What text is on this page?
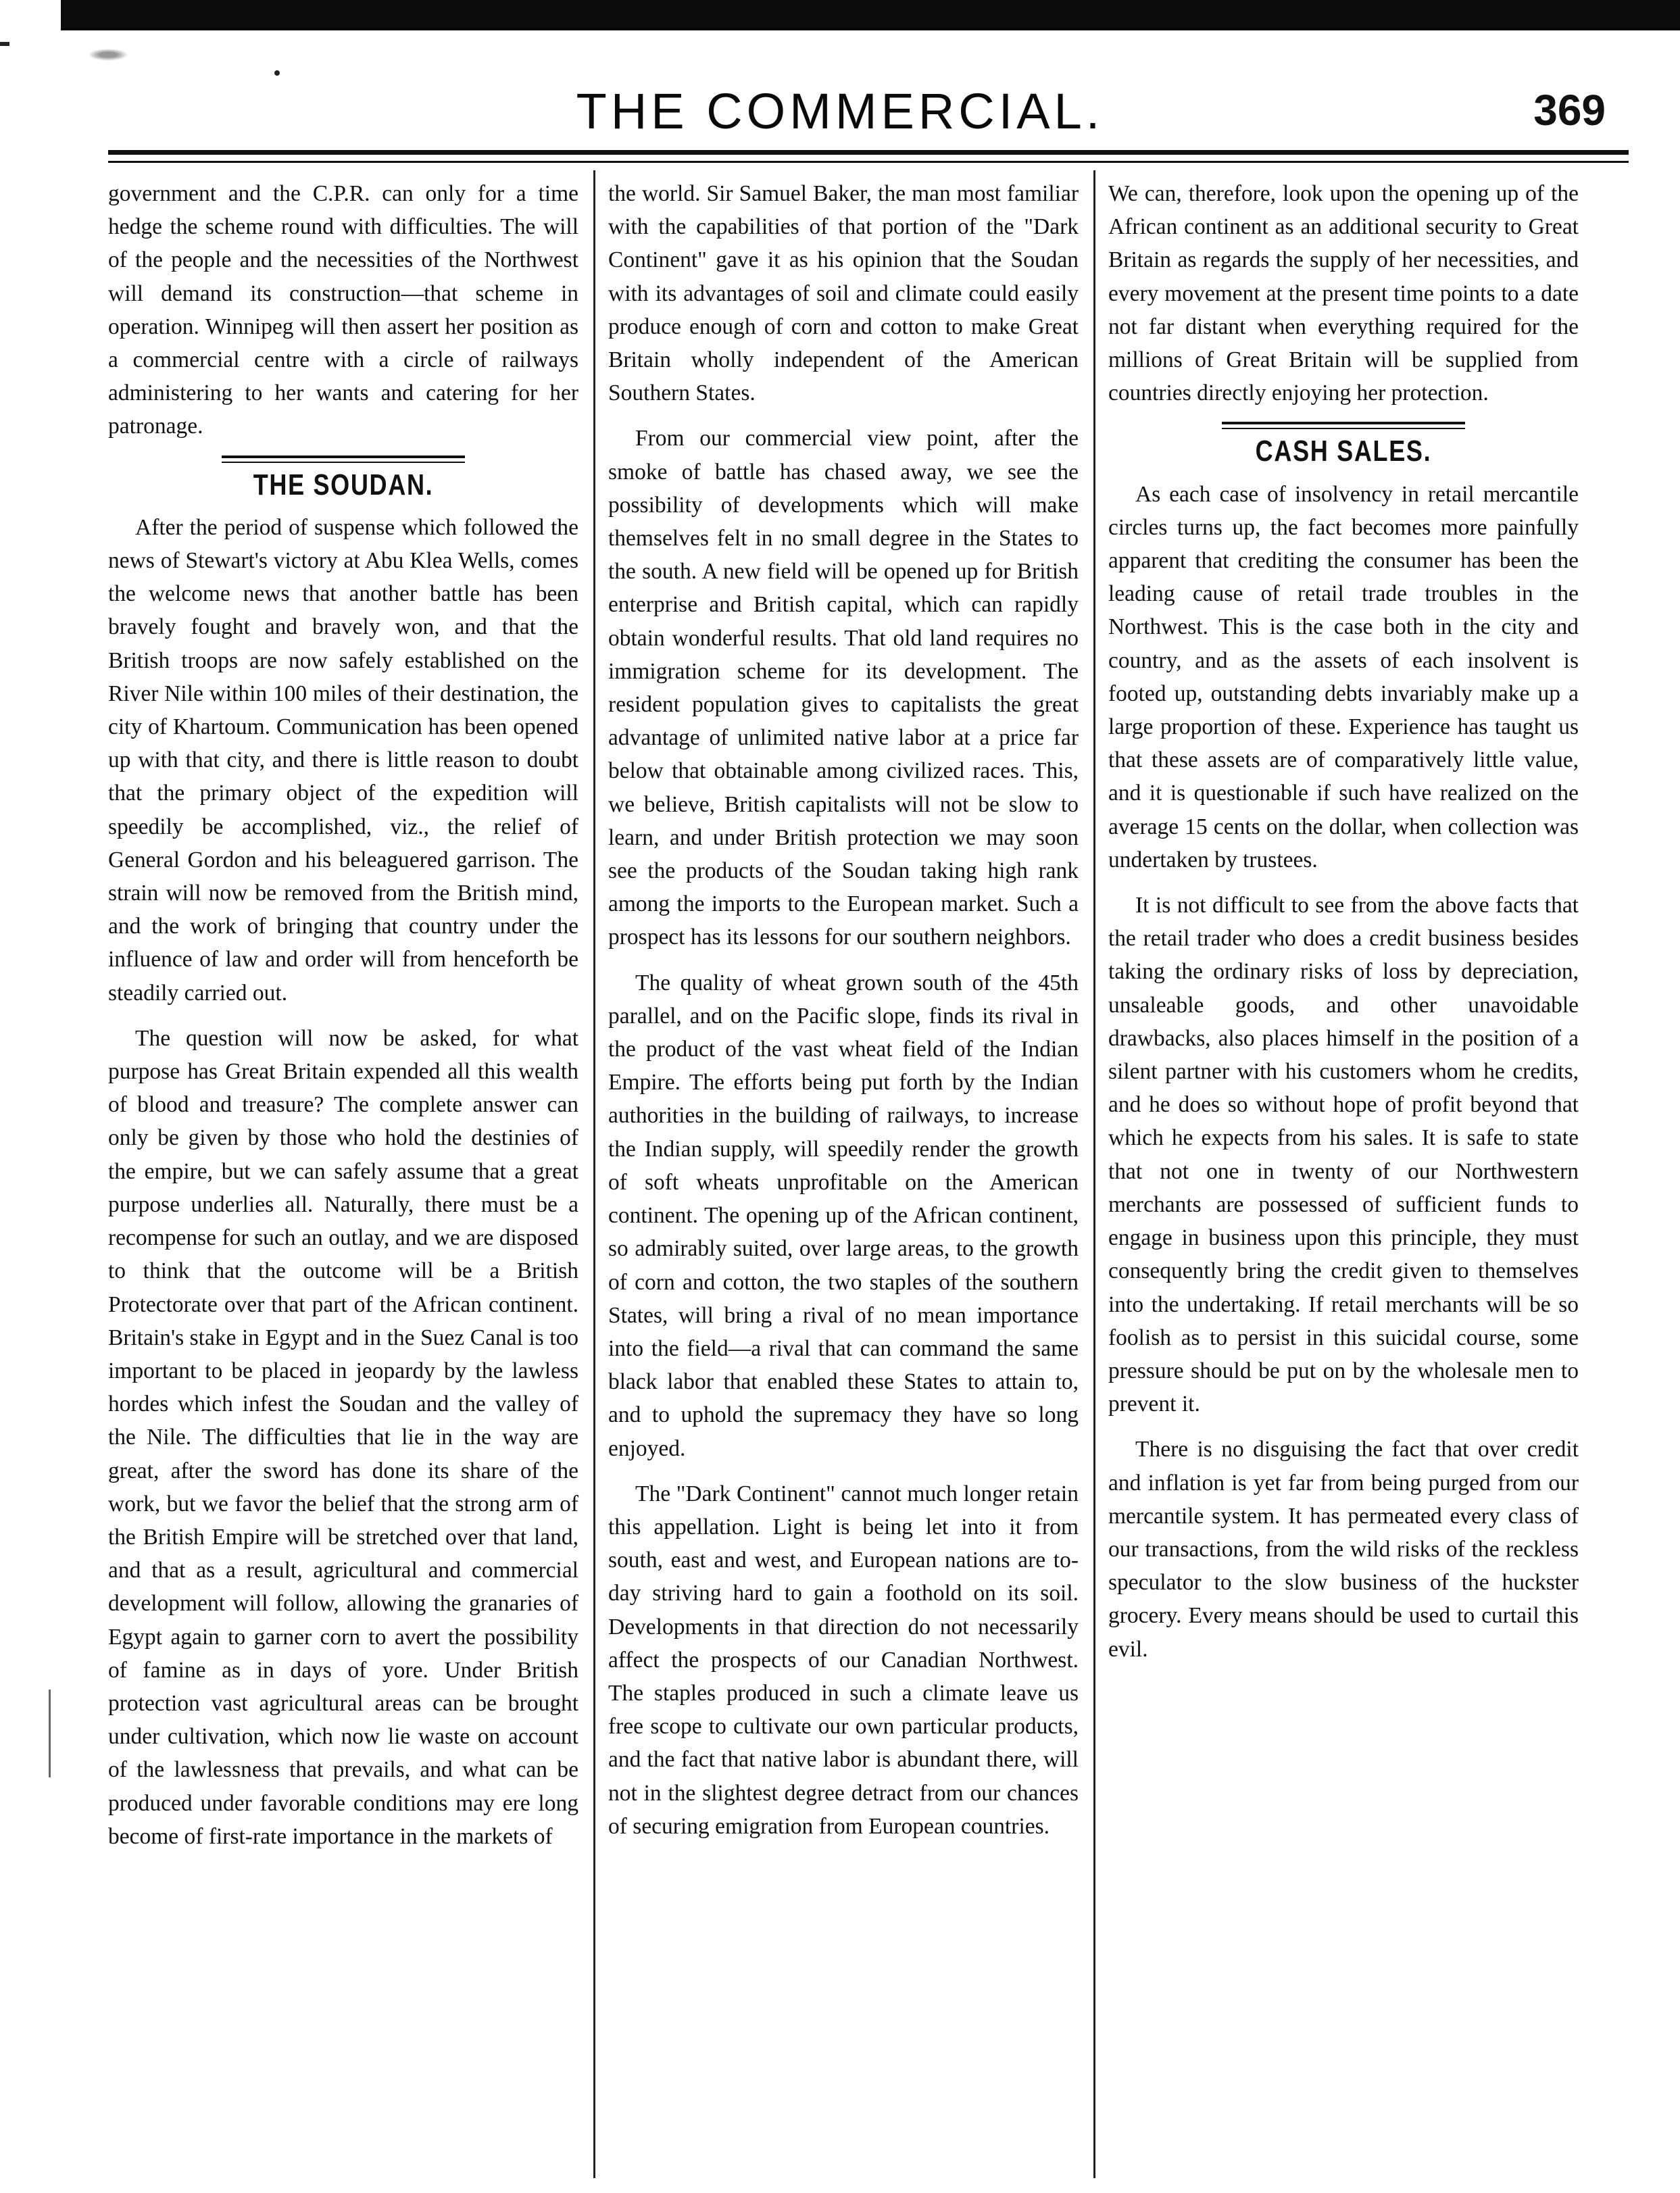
THE COMMERCIAL.	369

government and the C.P.R. can only for a time hedge the scheme round with difficulties. The will of the people and the necessities of the Northwest will demand its construction—that scheme in operation. Winnipeg will then assert her position as a commercial centre with a circle of railways administering to her wants and catering for her patronage.

THE SOUDAN.

After the period of suspense which followed the news of Stewart's victory at Abu Klea Wells, comes the welcome news that another battle has been bravely fought and bravely won, and that the British troops are now safely established on the River Nile within 100 miles of their destination, the city of Khartoum. Communication has been opened up with that city, and there is little reason to doubt that the primary object of the expedition will speedily be accomplished, viz., the relief of General Gordon and his beleaguered garrison. The strain will now be removed from the British mind, and the work of bringing that country under the influence of law and order will from henceforth be steadily carried out.

The question will now be asked, for what purpose has Great Britain expended all this wealth of blood and treasure? The complete answer can only be given by those who hold the destinies of the empire, but we can safely assume that a great purpose underlies all. Naturally, there must be a recompense for such an outlay, and we are disposed to think that the outcome will be a British Protectorate over that part of the African continent. Britain's stake in Egypt and in the Suez Canal is too important to be placed in jeopardy by the lawless hordes which infest the Soudan and the valley of the Nile. The difficulties that lie in the way are great, after the sword has done its share of the work, but we favor the belief that the strong arm of the British Empire will be stretched over that land, and that as a result, agricultural and commercial development will follow, allowing the granaries of Egypt again to garner corn to avert the possibility of famine as in days of yore. Under British protection vast agricultural areas can be brought under cultivation, which now lie waste on account of the lawlessness that prevails, and what can be produced under favorable conditions may ere long become of first-rate importance in the markets of

the world. Sir Samuel Baker, the man most familiar with the capabilities of that portion of the "Dark Continent" gave it as his opinion that the Soudan with its advantages of soil and climate could easily produce enough of corn and cotton to make Great Britain wholly independent of the American Southern States.

From our commercial view point, after the smoke of battle has chased away, we see the possibility of developments which will make themselves felt in no small degree in the States to the south. A new field will be opened up for British enterprise and British capital, which can rapidly obtain wonderful results. That old land requires no immigration scheme for its development. The resident population gives to capitalists the great advantage of unlimited native labor at a price far below that obtainable among civilized races. This, we believe, British capitalists will not be slow to learn, and under British protection we may soon see the products of the Soudan taking high rank among the imports to the European market. Such a prospect has its lessons for our southern neighbors.

The quality of wheat grown south of the 45th parallel, and on the Pacific slope, finds its rival in the product of the vast wheat field of the Indian Empire. The efforts being put forth by the Indian authorities in the building of railways, to increase the Indian supply, will speedily render the growth of soft wheats unprofitable on the American continent. The opening up of the African continent, so admirably suited, over large areas, to the growth of corn and cotton, the two staples of the southern States, will bring a rival of no mean importance into the field—a rival that can command the same black labor that enabled these States to attain to, and to uphold the supremacy they have so long enjoyed.

The "Dark Continent" cannot much longer retain this appellation. Light is being let into it from south, east and west, and European nations are to-day striving hard to gain a foothold on its soil. Developments in that direction do not necessarily affect the prospects of our Canadian Northwest. The staples produced in such a climate leave us free scope to cultivate our own particular products, and the fact that native labor is abundant there, will not in the slightest degree detract from our chances of securing emigration from European countries.

We can, therefore, look upon the opening up of the African continent as an additional security to Great Britain as regards the supply of her necessities, and every movement at the present time points to a date not far distant when everything required for the millions of Great Britain will be supplied from countries directly enjoying her protection.

CASH SALES.

As each case of insolvency in retail mercantile circles turns up, the fact becomes more painfully apparent that crediting the consumer has been the leading cause of retail trade troubles in the Northwest. This is the case both in the city and country, and as the assets of each insolvent is footed up, outstanding debts invariably make up a large proportion of these. Experience has taught us that these assets are of comparatively little value, and it is questionable if such have realized on the average 15 cents on the dollar, when collection was undertaken by trustees.

It is not difficult to see from the above facts that the retail trader who does a credit business besides taking the ordinary risks of loss by depreciation, unsaleable goods, and other unavoidable drawbacks, also places himself in the position of a silent partner with his customers whom he credits, and he does so without hope of profit beyond that which he expects from his sales. It is safe to state that not one in twenty of our Northwestern merchants are possessed of sufficient funds to engage in business upon this principle, they must consequently bring the credit given to themselves into the undertaking. If retail merchants will be so foolish as to persist in this suicidal course, some pressure should be put on by the wholesale men to prevent it.

There is no disguising the fact that over credit and inflation is yet far from being purged from our mercantile system. It has permeated every class of our transactions, from the wild risks of the reckless speculator to the slow business of the huckster grocery. Every means should be used to curtail this evil.
